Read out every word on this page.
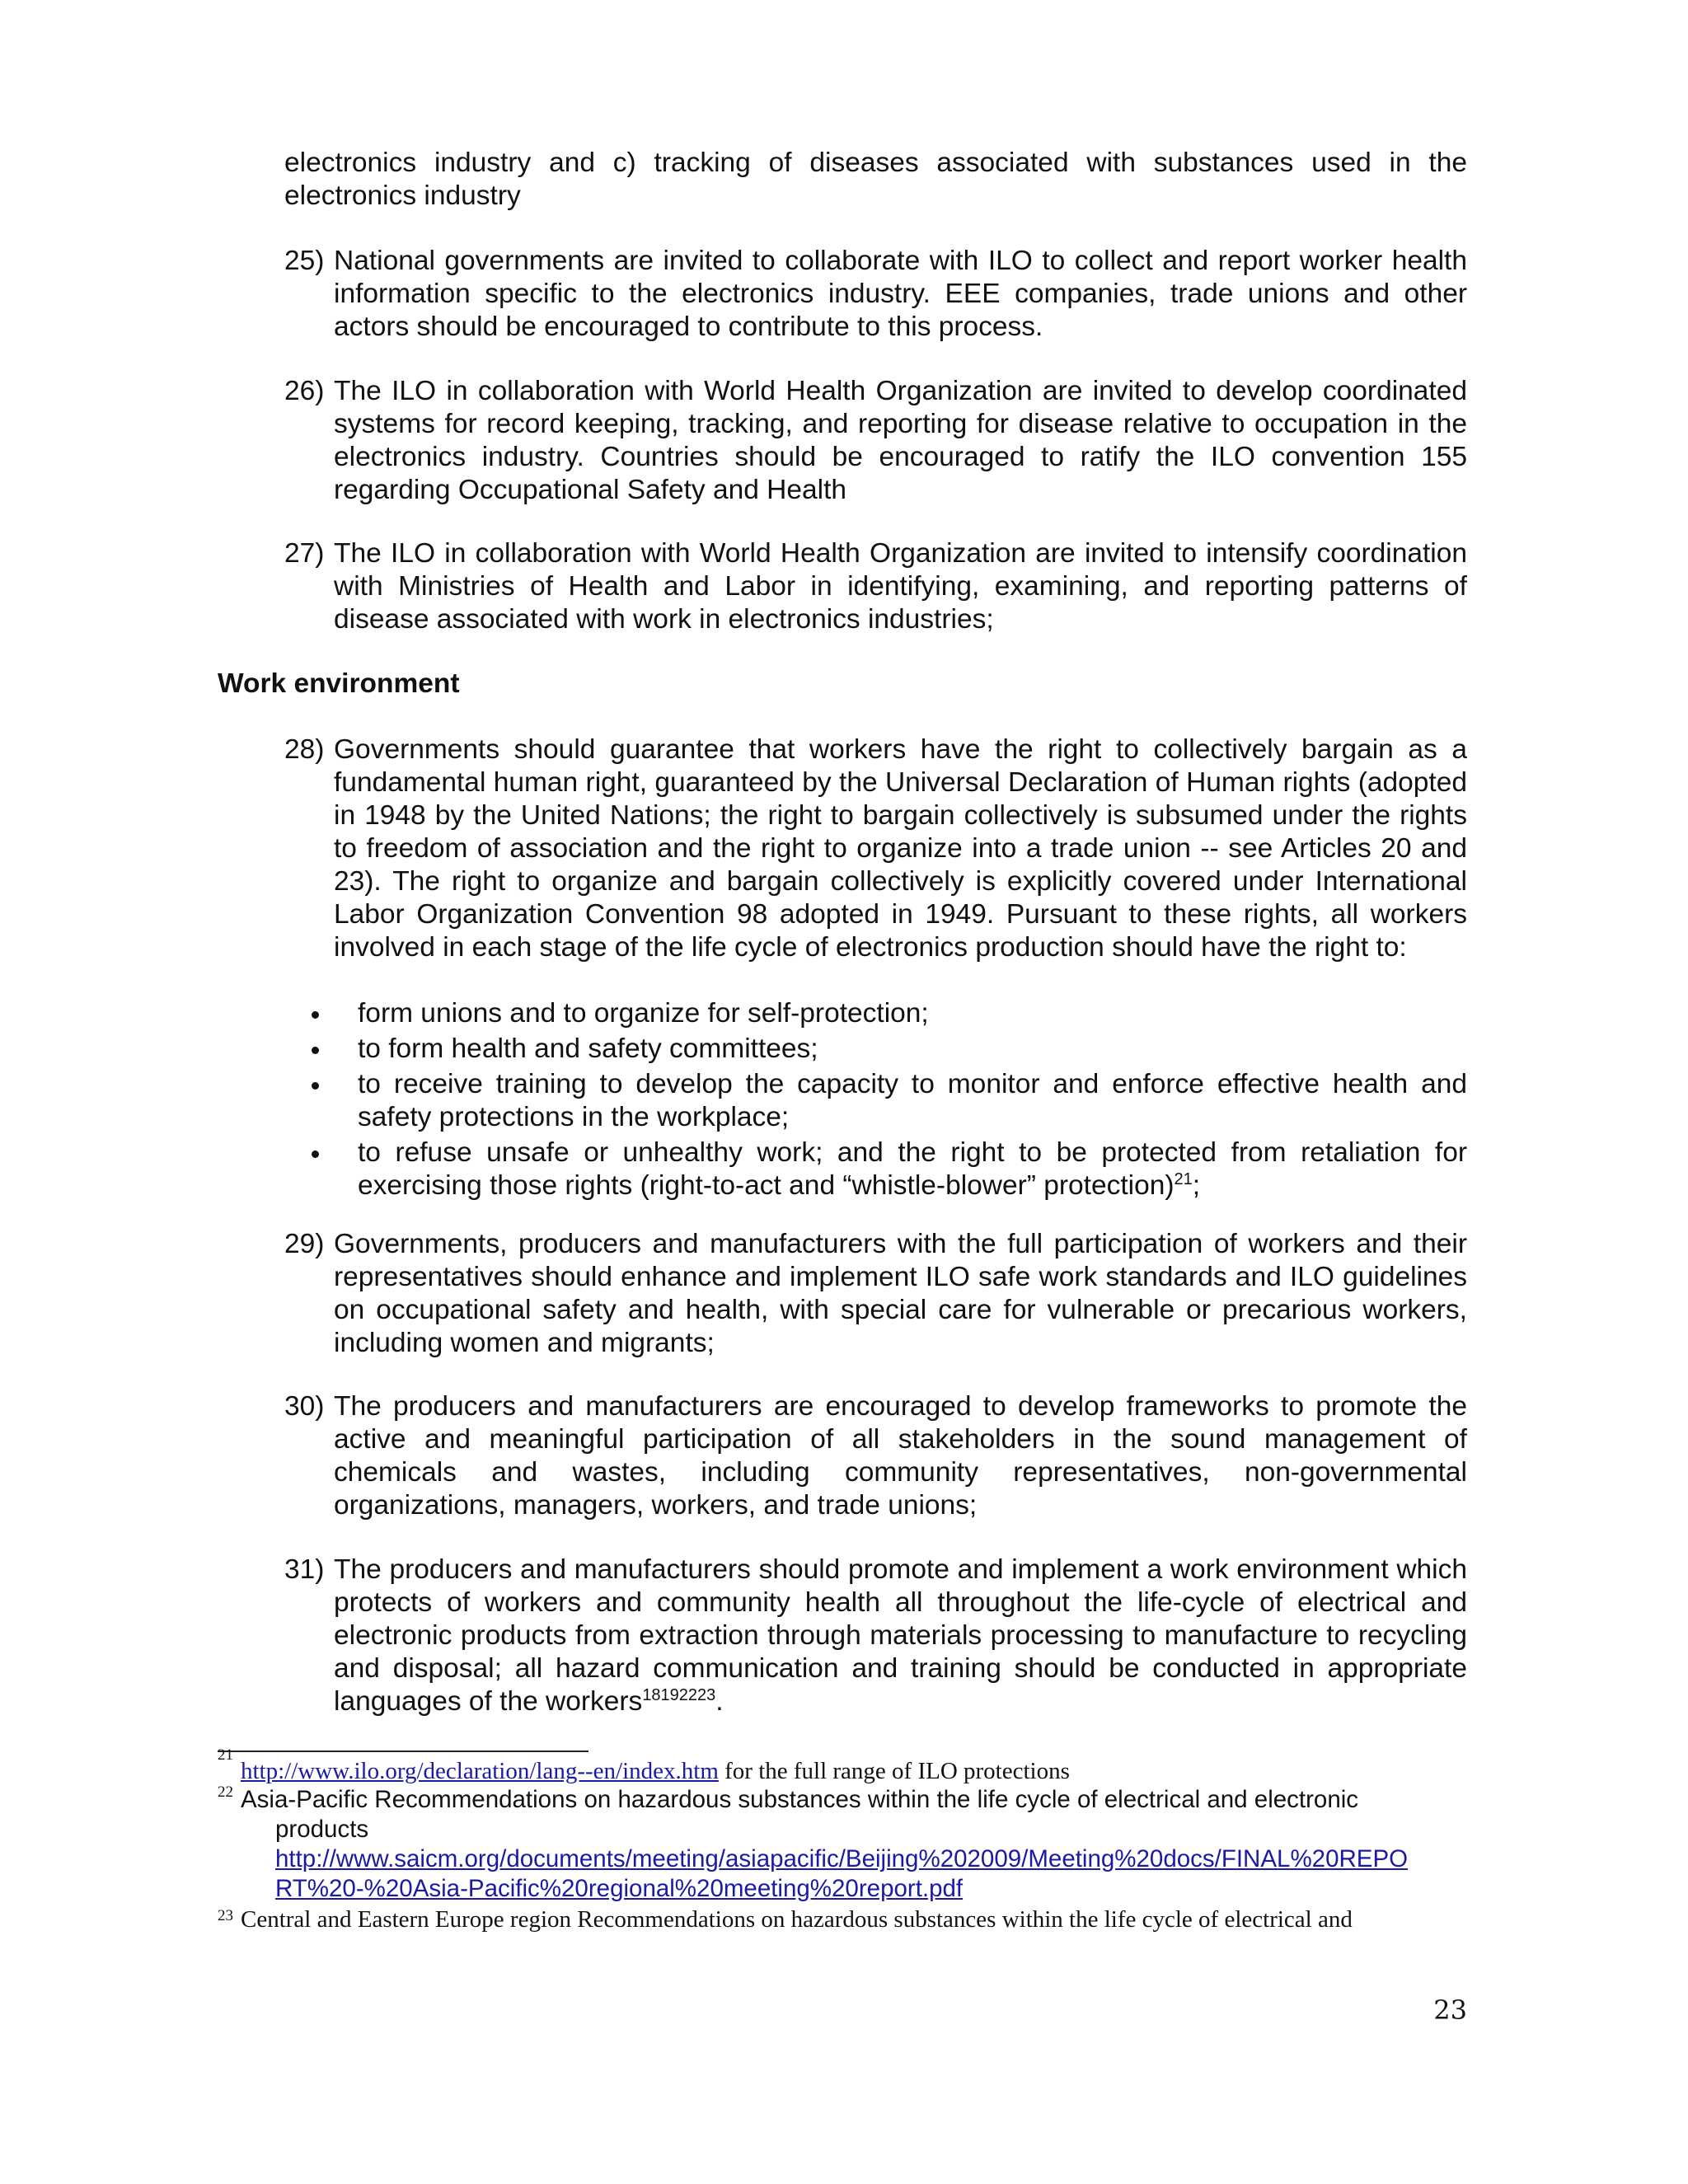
electronics industry and c) tracking of diseases associated with substances used in the
electronics industry
25) National governments are invited to collaborate with ILO to collect and report worker health information specific to the electronics industry. EEE companies, trade unions and other actors should be encouraged to contribute to this process.
26) The ILO in collaboration with World Health Organization are invited to develop coordinated systems for record keeping, tracking, and reporting for disease relative to occupation in the electronics industry. Countries should be encouraged to ratify the ILO convention 155 regarding Occupational Safety and Health
27) The ILO in collaboration with World Health Organization are invited to intensify coordination with Ministries of Health and Labor in identifying, examining, and reporting patterns of disease associated with work in electronics industries;
Work environment
28) Governments should guarantee that workers have the right to collectively bargain as a fundamental human right, guaranteed by the Universal Declaration of Human rights (adopted in 1948 by the United Nations; the right to bargain collectively is subsumed under the rights to freedom of association and the right to organize into a trade union -- see Articles 20 and 23). The right to organize and bargain collectively is explicitly covered under International Labor Organization Convention 98 adopted in 1949. Pursuant to these rights, all workers involved in each stage of the life cycle of electronics production should have the right to:
form unions and to organize for self-protection;
to form health and safety committees;
to receive training to develop the capacity to monitor and enforce effective health and safety protections in the workplace;
to refuse unsafe or unhealthy work; and the right to be protected from retaliation for exercising those rights (right-to-act and “whistle-blower” protection)$^{21}$;
29) Governments, producers and manufacturers with the full participation of workers and their representatives should enhance and implement ILO safe work standards and ILO guidelines on occupational safety and health, with special care for vulnerable or precarious workers, including women and migrants;
30) The producers and manufacturers are encouraged to develop frameworks to promote the active and meaningful participation of all stakeholders in the sound management of chemicals and wastes, including community representatives, non-governmental organizations, managers, workers, and trade unions;
31) The producers and manufacturers should promote and implement a work environment which protects of workers and community health all throughout the life-cycle of electrical and electronic products from extraction through materials processing to manufacture to recycling and disposal; all hazard communication and training should be conducted in appropriate languages of the workers$^{18192223}$.
21
http://www.ilo.org/declaration/lang--en/index.htm for the full range of ILO protections
22 Asia-Pacific Recommendations on hazardous substances within the life cycle of electrical and electronic
products
http://www.saicm.org/documents/meeting/asiapacific/Beijing%202009/Meeting%20docs/FINAL%20REPO
RT%20-%20Asia-Pacific%20regional%20meeting%20report.pdf
23 Central and Eastern Europe region Recommendations on hazardous substances within the life cycle of electrical and
23
